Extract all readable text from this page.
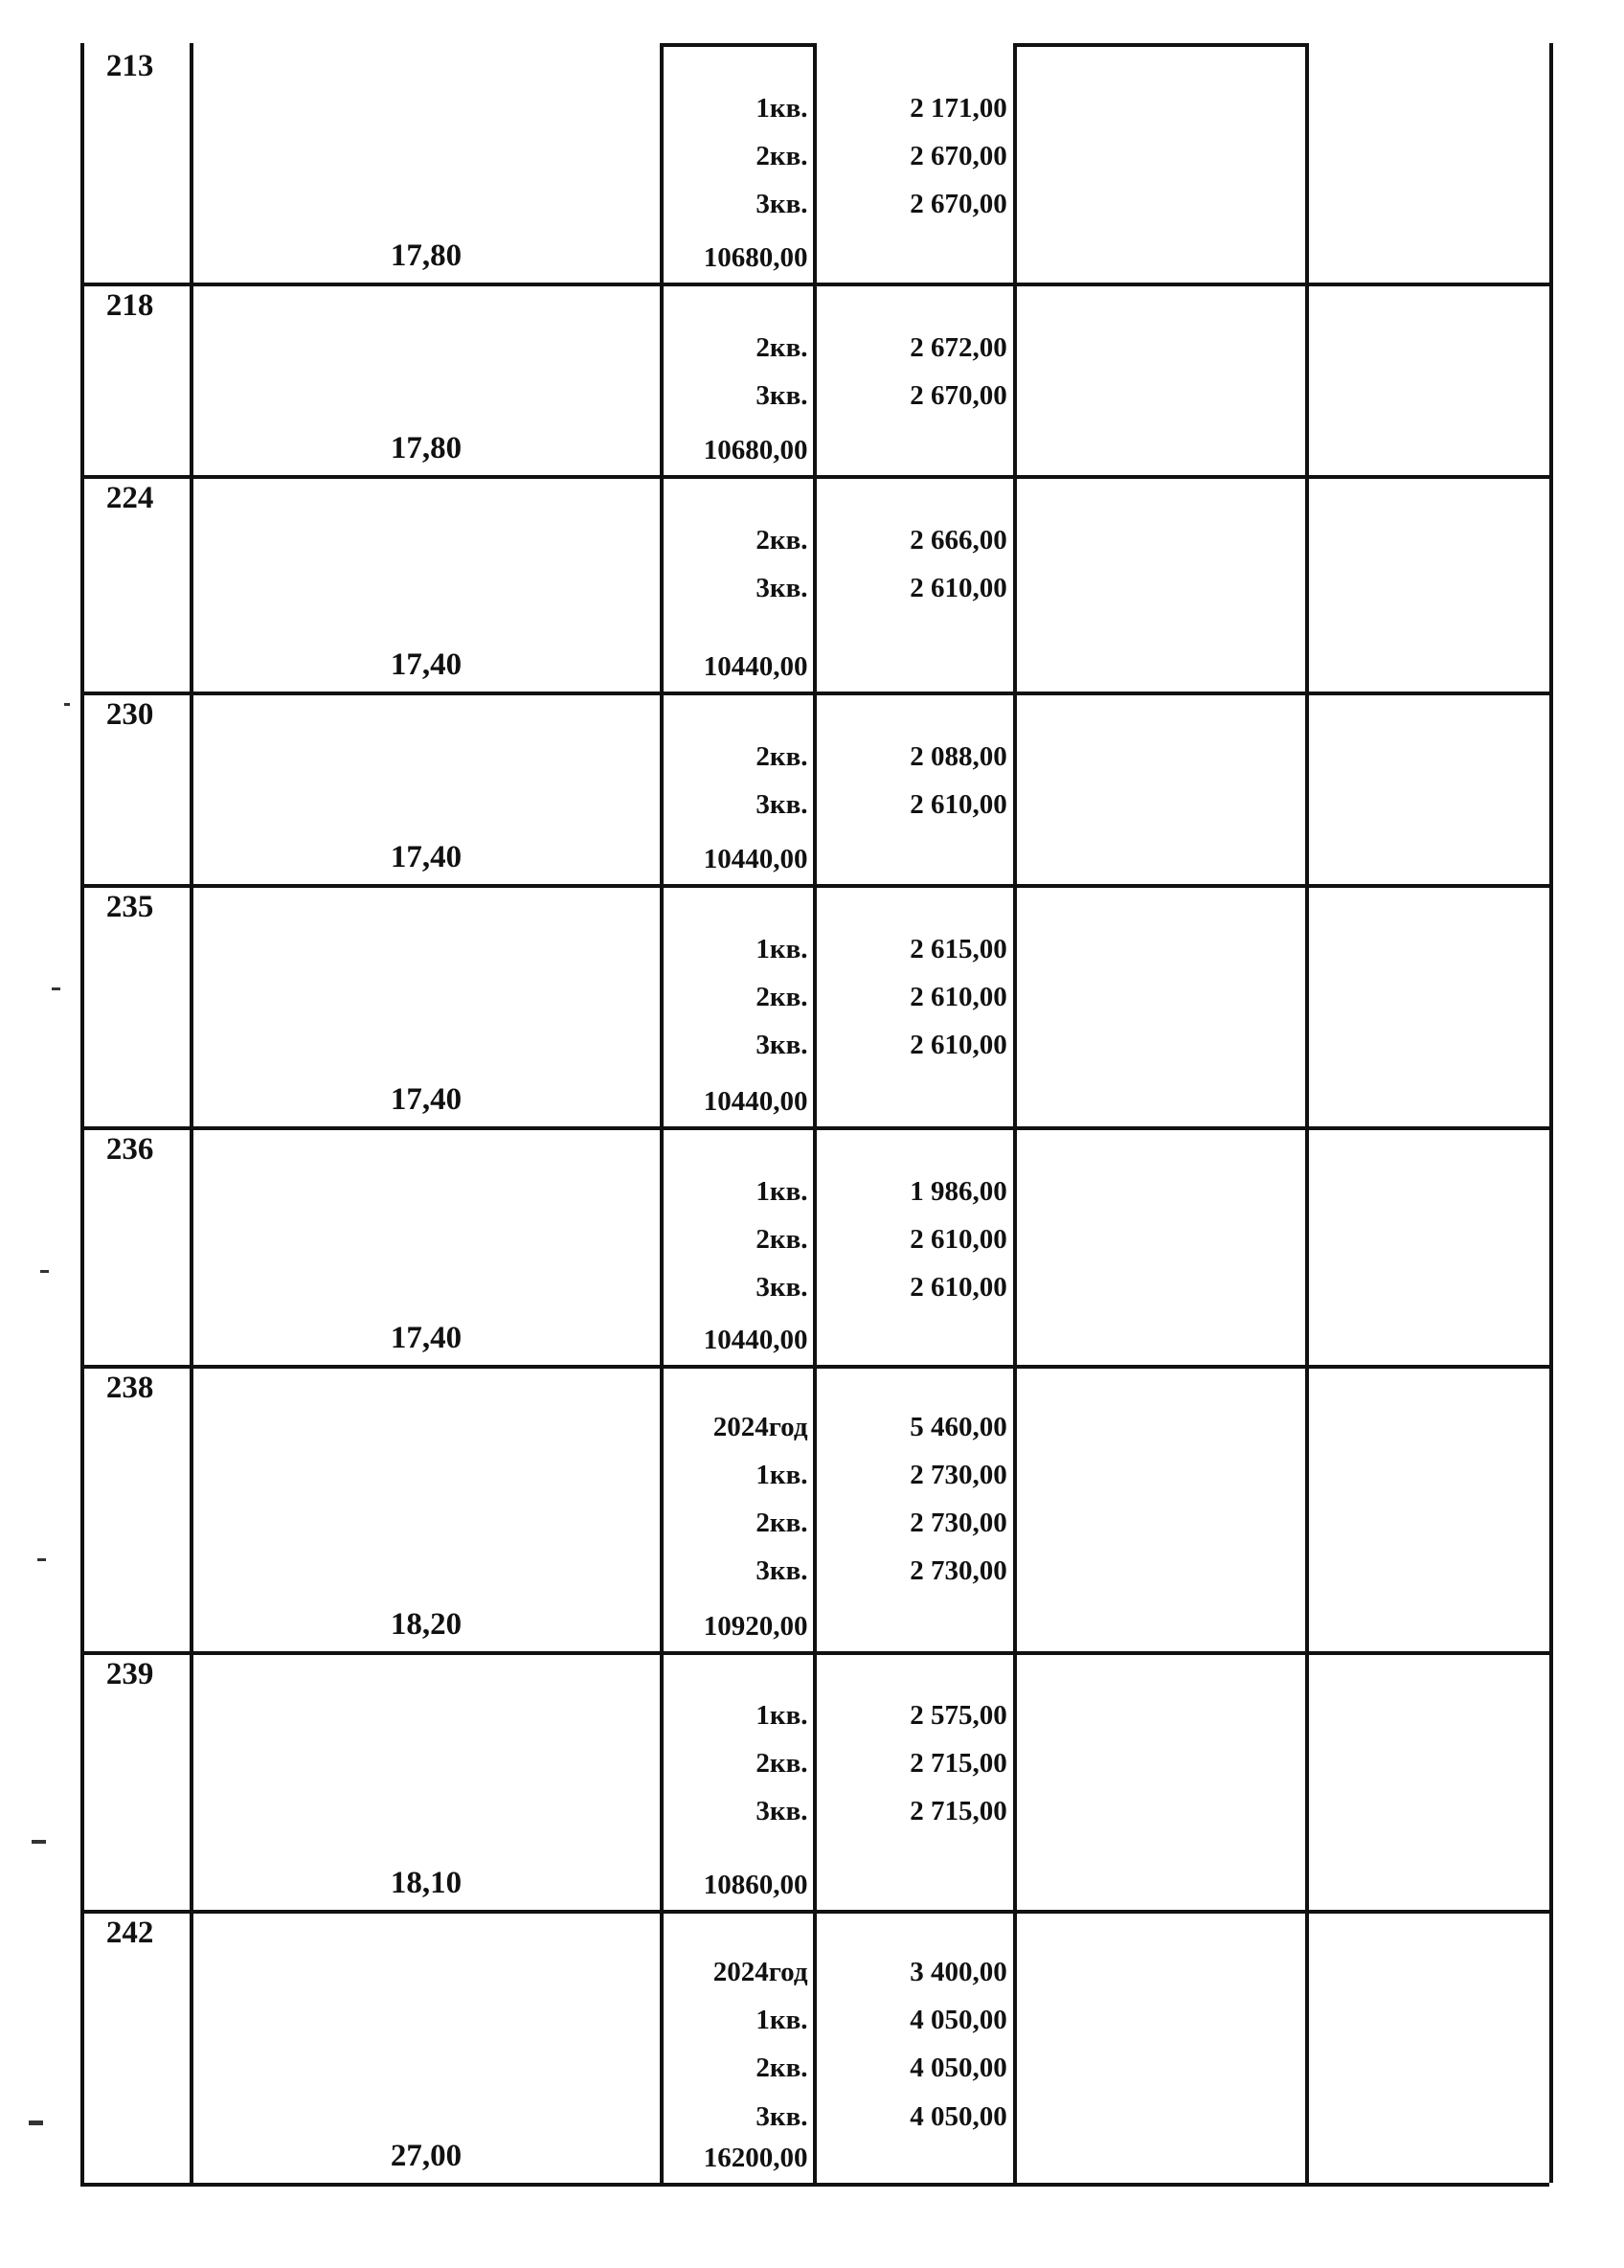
213
17,80	10680,00
1кв.	2 171,00
2кв.	2 670,00
3кв.	2 670,00
218
17,80	10680,00
2кв.	2 672,00
3кв.	2 670,00
224
17,40	10440,00
2кв.	2 666,00
3кв.	2 610,00
230
17,40	10440,00
2кв.	2 088,00
3кв.	2 610,00
235
17,40	10440,00
1кв.	2 615,00
2кв.	2 610,00
3кв.	2 610,00
236
17,40	10440,00
1кв.	1 986,00
2кв.	2 610,00
3кв.	2 610,00
238
18,20	10920,00
2024год	5 460,00
1кв.	2 730,00
2кв.	2 730,00
3кв.	2 730,00
239
18,10	10860,00
1кв.	2 575,00
2кв.	2 715,00
3кв.	2 715,00
242
27,00	16200,00
2024год	3 400,00
1кв.	4 050,00
2кв.	4 050,00
3кв.	4 050,00
